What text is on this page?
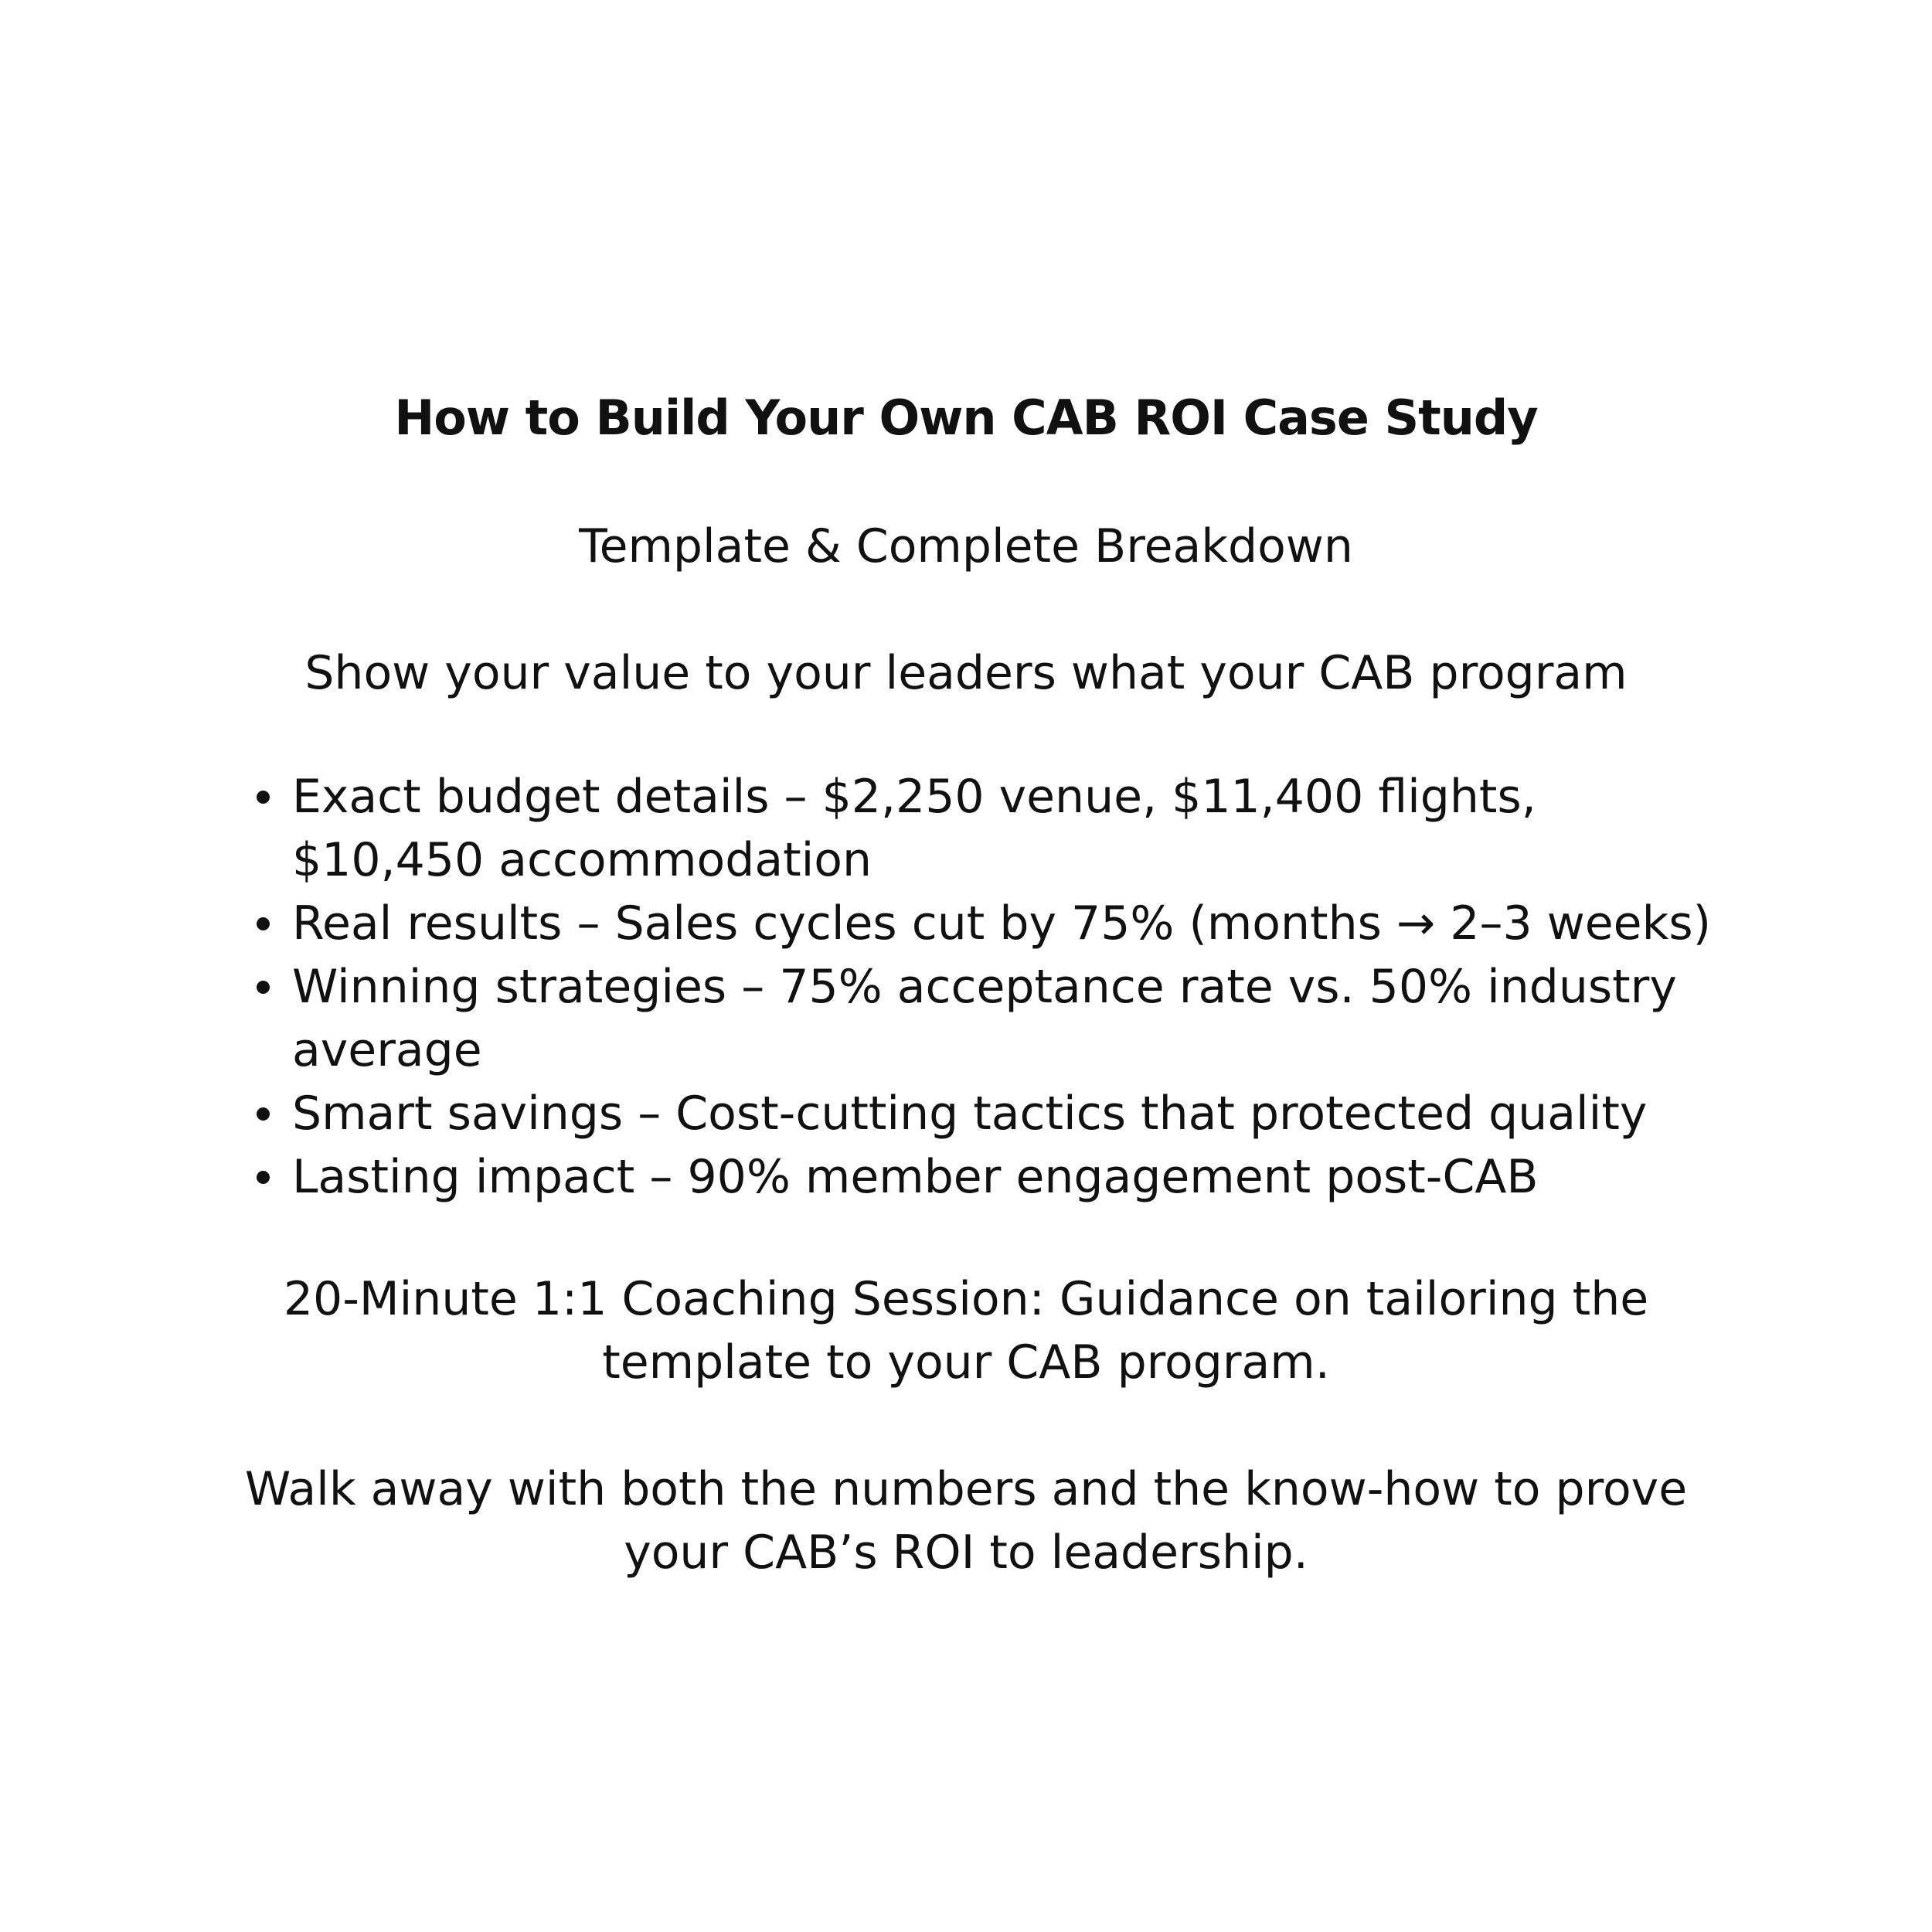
How to Build Your Own CAB ROI Case Study
Template & Complete Breakdown
Show your value to your leaders what your CAB program
Exact budget details – $2,250 venue, $11,400 flights, $10,450 accommodation
Real results – Sales cycles cut by 75% (months → 2–3 weeks)
Winning strategies – 75% acceptance rate vs. 50% industry average
Smart savings – Cost-cutting tactics that protected quality
Lasting impact – 90% member engagement post-CAB
20-Minute 1:1 Coaching Session: Guidance on tailoring the template to your CAB program.
Walk away with both the numbers and the know-how to prove your CAB’s ROI to leadership.
